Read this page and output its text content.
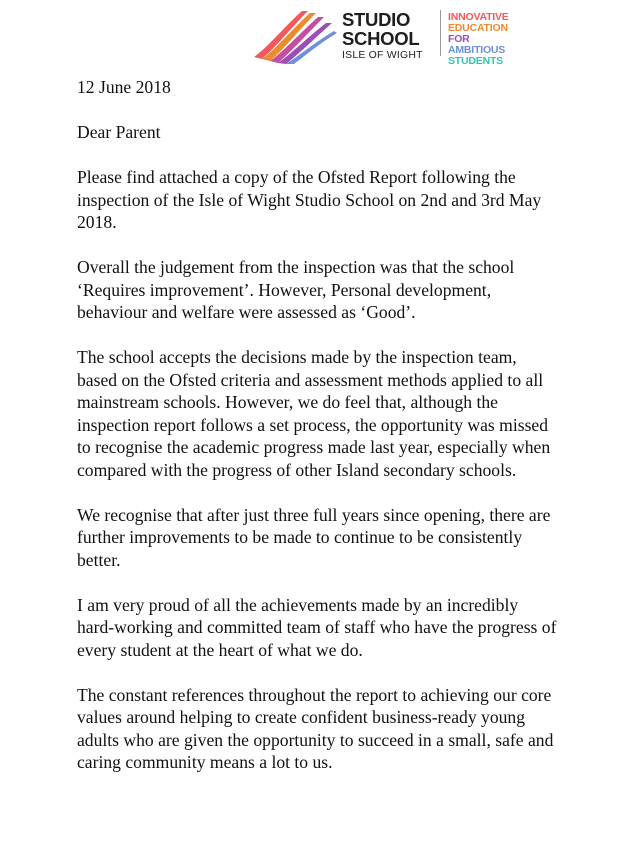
STUDIO
SCHOOL
ISLE OF WIGHT
INNOVATIVE
EDUCATION
FOR
AMBITIOUS
STUDENTS

12 June 2018

Dear Parent

Please find attached a copy of the Ofsted Report following the inspection of the Isle of Wight Studio School on 2nd and 3rd May 2018.

Overall the judgement from the inspection was that the school ‘Requires improvement’. However, Personal development, behaviour and welfare were assessed as ‘Good’.

The school accepts the decisions made by the inspection team, based on the Ofsted criteria and assessment methods applied to all mainstream schools. However, we do feel that, although the inspection report follows a set process, the opportunity was missed to recognise the academic progress made last year, especially when compared with the progress of other Island secondary schools.

We recognise that after just three full years since opening, there are further improvements to be made to continue to be consistently better.

I am very proud of all the achievements made by an incredibly hard-working and committed team of staff who have the progress of every student at the heart of what we do.

The constant references throughout the report to achieving our core values around helping to create confident business-ready young adults who are given the opportunity to succeed in a small, safe and caring community means a lot to us.
